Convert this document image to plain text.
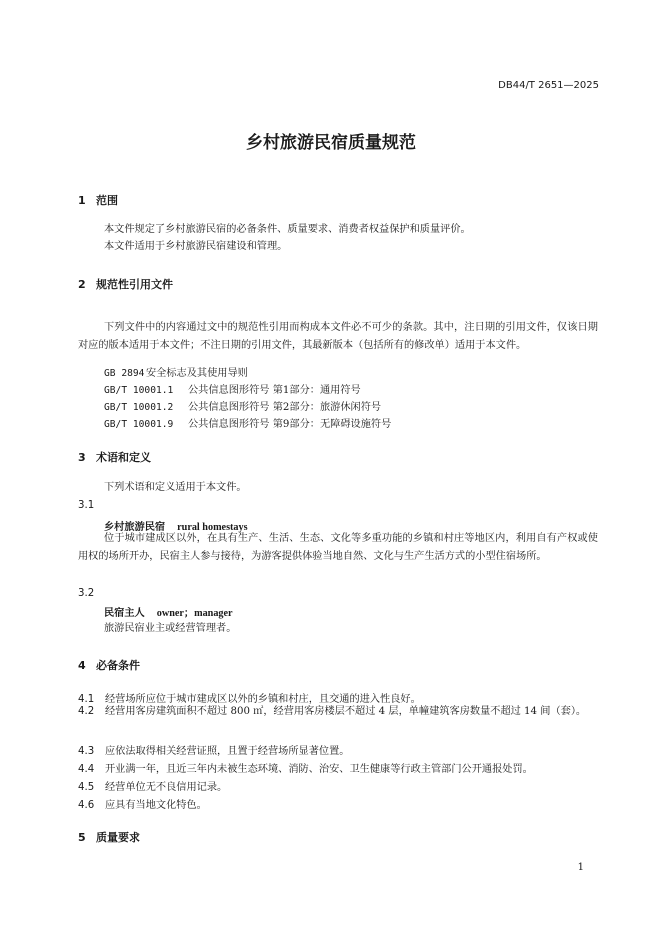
DB44/T 2651—2025
乡村旅游民宿质量规范
1 范围
本文件规定了乡村旅游民宿的必备条件、质量要求、消费者权益保护和质量评价。
本文件适用于乡村旅游民宿建设和管理。
2 规范性引用文件
下列文件中的内容通过文中的规范性引用而构成本文件必不可少的条款。其中，注日期的引用文件，仅该日期对应的版本适用于本文件；不注日期的引用文件，其最新版本（包括所有的修改单）适用于本文件。
GB 2894 安全标志及其使用导则
GB/T 10001.1 公共信息图形符号 第1部分：通用符号
GB/T 10001.2 公共信息图形符号 第2部分：旅游休闲符号
GB/T 10001.9 公共信息图形符号 第9部分：无障碍设施符号
3 术语和定义
下列术语和定义适用于本文件。
3.1
乡村旅游民宿 rural homestays
位于城市建成区以外，在具有生产、生活、生态、文化等多重功能的乡镇和村庄等地区内，利用自有产权或使用权的场所开办，民宿主人参与接待，为游客提供体验当地自然、文化与生产生活方式的小型住宿场所。
3.2
民宿主人 owner；manager
旅游民宿业主或经营管理者。
4 必备条件
4.1 经营场所应位于城市建成区以外的乡镇和村庄，且交通的进入性良好。
4.2 经营用客房建筑面积不超过 800 ㎡，经营用客房楼层不超过 4 层，单幢建筑客房数量不超过 14 间（套）。
4.3 应依法取得相关经营证照，且置于经营场所显著位置。
4.4 开业满一年，且近三年内未被生态环境、消防、治安、卫生健康等行政主管部门公开通报处罚。
4.5 经营单位无不良信用记录。
4.6 应具有当地文化特色。
5 质量要求
1
